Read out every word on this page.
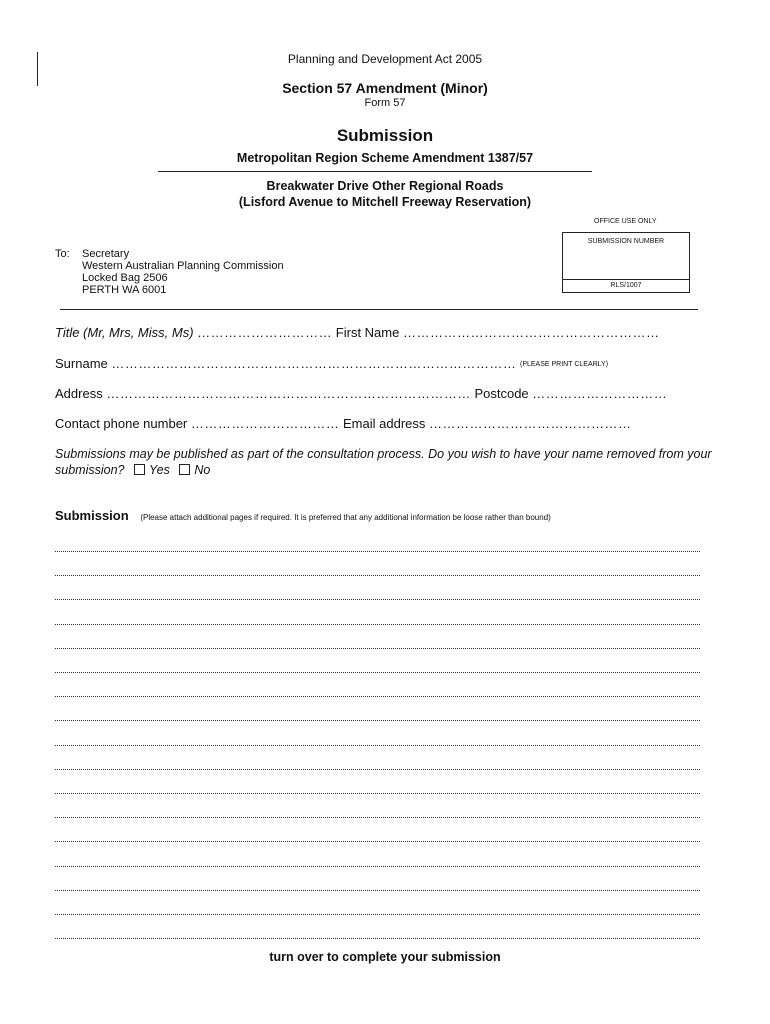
Planning and Development Act 2005
Section 57 Amendment (Minor)
Form 57
Submission
Metropolitan Region Scheme Amendment 1387/57
Breakwater Drive Other Regional Roads
(Lisford Avenue to Mitchell Freeway Reservation)
OFFICE USE ONLY
SUBMISSION NUMBER
RLS/1007
To: Secretary
Western Australian Planning Commission
Locked Bag 2506
PERTH WA 6001
Title (Mr, Mrs, Miss, Ms) ………………………… First Name …………………………………………………
Surname ……………………………………………………………………………… (PLEASE PRINT CLEARLY)
Address ……………………………………………………………………… Postcode …………………………
Contact phone number …………………………… Email address ………………………………………
Submissions may be published as part of the consultation process. Do you wish to have your name removed from your submission? Yes No
Submission (Please attach additional pages if required. It is preferred that any additional information be loose rather than bound)
turn over to complete your submission
